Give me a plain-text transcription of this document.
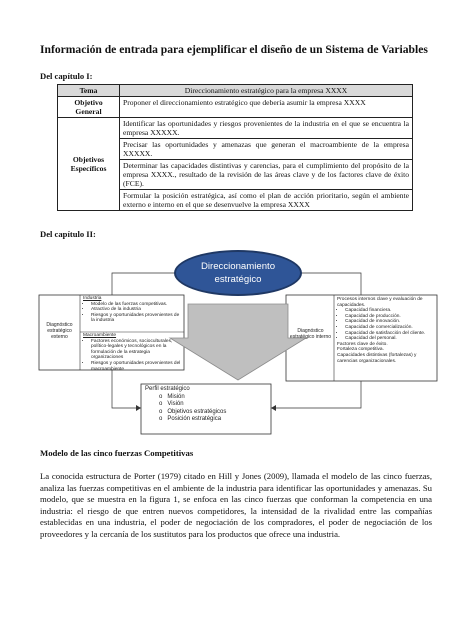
Información de entrada para ejemplificar el diseño de un Sistema de Variables
Del capítulo I:
Tema	Direccionamiento estratégico para la empresa XXXX
Objetivo General	Proponer el direccionamiento estratégico que debería asumir la empresa XXXX
Objetivos Específicos	Identificar las oportunidades y riesgos provenientes de la industria en el que se encuentra la empresa XXXXX.
	Precisar las oportunidades y amenazas que generan el macroambiente de la empresa XXXXX.
	Determinar las capacidades distintivas y carencias, para el cumplimiento del propósito de la empresa XXXX., resultado de la revisión de las áreas clave y de los factores clave de éxito (FCE).
	Formular la posición estratégica, así como el plan de acción prioritario, según el ambiente externo e interno en el que se desenvuelve la empresa XXXX
Del capítulo II:
Diagnóstico estratégico externo
Industria
• Modelo de las fuerzas competitivas.
• Atractivo de la industria
• Riesgos y oportunidades provenientes de la industria
Macroambiente
• Factores económicos, socioculturales, político-legales y tecnológicos en la formulación de la estrategia organizaciones
• Riesgos y oportunidades provenientes del macroambiente
Diagnóstico estratégico interno
Procesos internos clave y evaluación de capacidades.
• Capacidad financiera.
• Capacidad de producción.
• Capacidad de innovación.
• Capacidad de comercialización.
• Capacidad de satisfacción del cliente.
• Capacidad del personal.
Factores clave de éxito.
Fortaleza competitiva.
Capacidades distintivas (fortalezas) y carencias organizacionales.
Perfil estratégico
o Misión
o Visión
o Objetivos estratégicos
o Posición estratégica
Direccionamiento estratégico
Modelo de las cinco fuerzas Competitivas
La conocida estructura de Porter (1979) citado en Hill y Jones (2009), llamada el modelo de las cinco fuerzas, analiza las fuerzas competitivas en el ambiente de la industria para identificar las oportunidades y amenazas. Su modelo, que se muestra en la figura 1, se enfoca en las cinco fuerzas que conforman la competencia en una industria: el riesgo de que entren nuevos competidores, la intensidad de la rivalidad entre las compañías establecidas en una industria, el poder de negociación de los compradores, el poder de negociación de los proveedores y la cercanía de los sustitutos para los productos que ofrece una industria.
